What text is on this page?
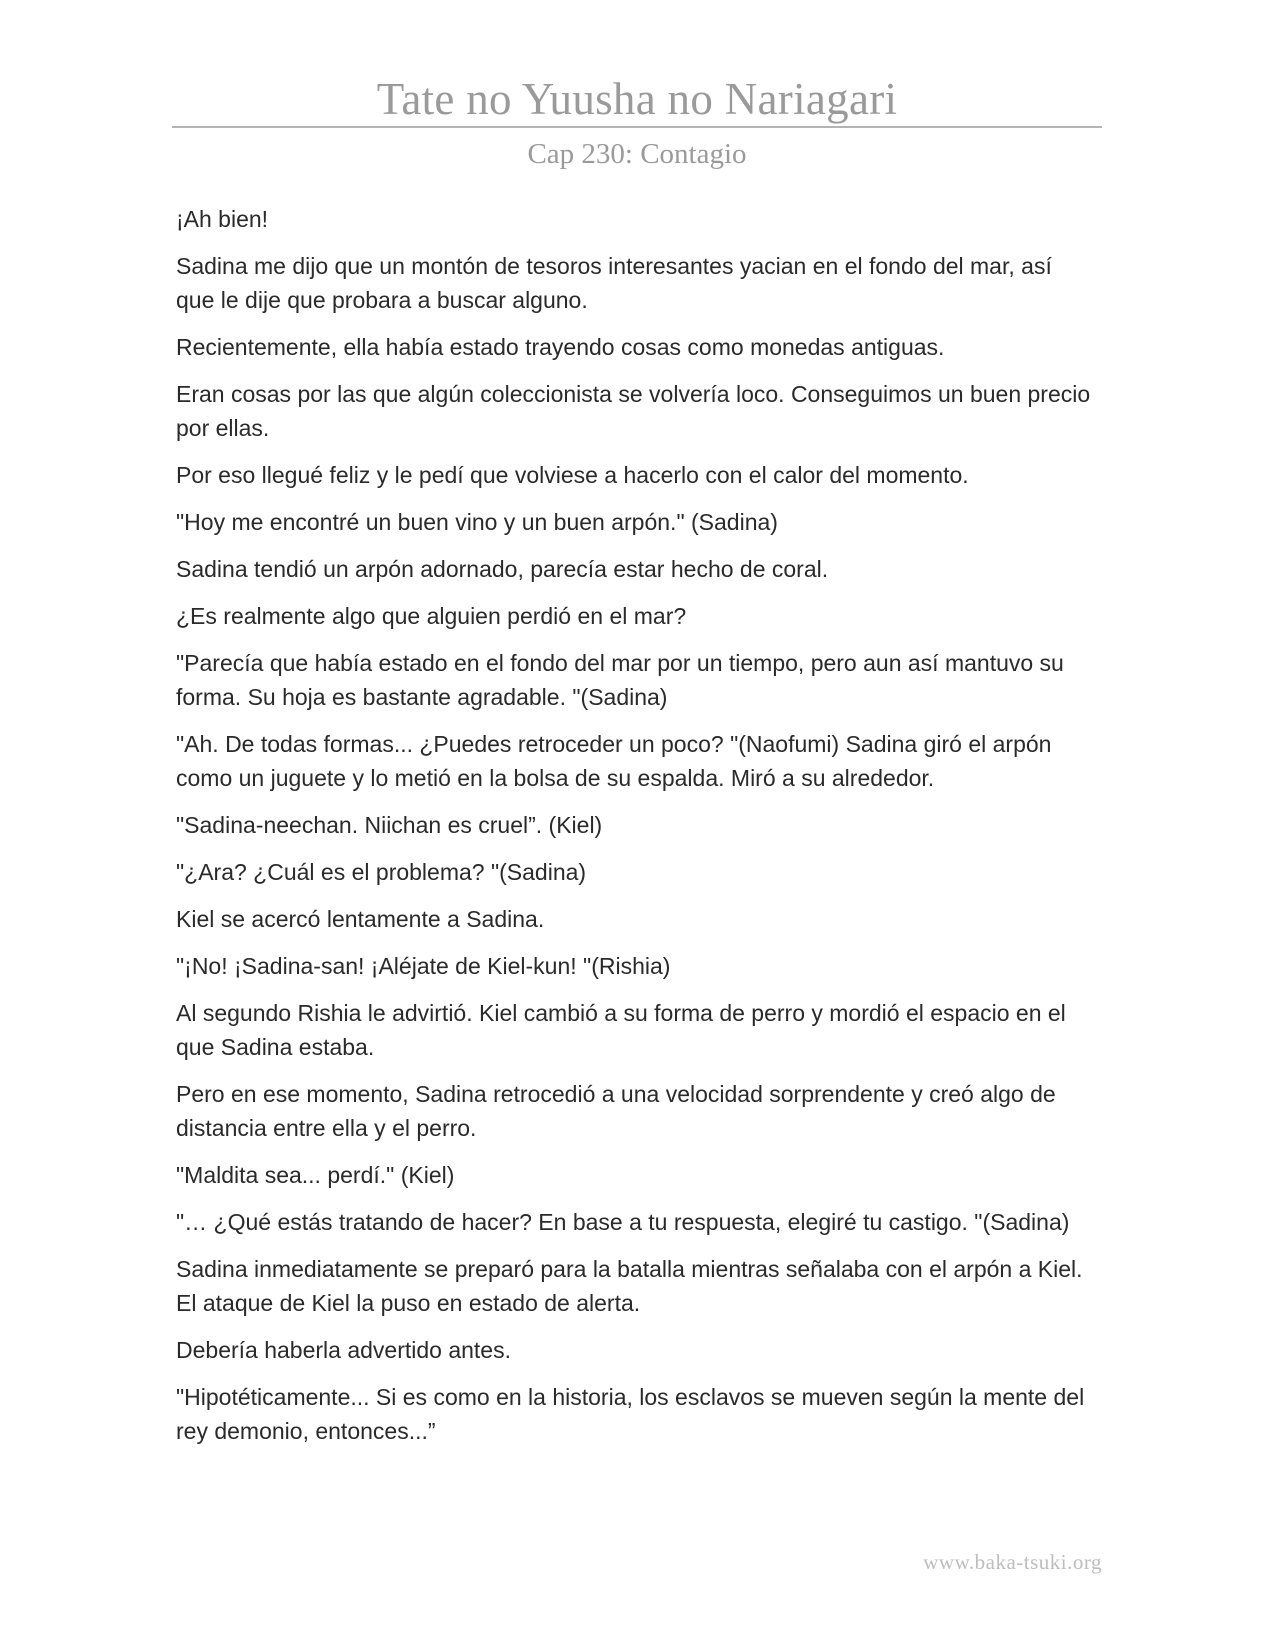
Tate no Yuusha no Nariagari
Cap 230: Contagio

¡Ah bien!

Sadina me dijo que un montón de tesoros interesantes yacian en el fondo del mar, así que le dije que probara a buscar alguno.

Recientemente, ella había estado trayendo cosas como monedas antiguas.

Eran cosas por las que algún coleccionista se volvería loco. Conseguimos un buen precio por ellas.

Por eso llegué feliz y le pedí que volviese a hacerlo con el calor del momento.

"Hoy me encontré un buen vino y un buen arpón." (Sadina)

Sadina tendió un arpón adornado, parecía estar hecho de coral.

¿Es realmente algo que alguien perdió en el mar?

"Parecía que había estado en el fondo del mar por un tiempo, pero aun así mantuvo su forma. Su hoja es bastante agradable. "(Sadina)

"Ah. De todas formas... ¿Puedes retroceder un poco? "(Naofumi) Sadina giró el arpón como un juguete y lo metió en la bolsa de su espalda. Miró a su alrededor.

"Sadina-neechan. Niichan es cruel”. (Kiel)

"¿Ara? ¿Cuál es el problema? "(Sadina)

Kiel se acercó lentamente a Sadina.

"¡No! ¡Sadina-san! ¡Aléjate de Kiel-kun! "(Rishia)

Al segundo Rishia le advirtió. Kiel cambió a su forma de perro y mordió el espacio en el que Sadina estaba.

Pero en ese momento, Sadina retrocedió a una velocidad sorprendente y creó algo de distancia entre ella y el perro.

"Maldita sea... perdí." (Kiel)

"… ¿Qué estás tratando de hacer? En base a tu respuesta, elegiré tu castigo. "(Sadina)

Sadina inmediatamente se preparó para la batalla mientras señalaba con el arpón a Kiel. El ataque de Kiel la puso en estado de alerta.

Debería haberla advertido antes.

"Hipotéticamente... Si es como en la historia, los esclavos se mueven según la mente del rey demonio, entonces...”

www.baka-tsuki.org
